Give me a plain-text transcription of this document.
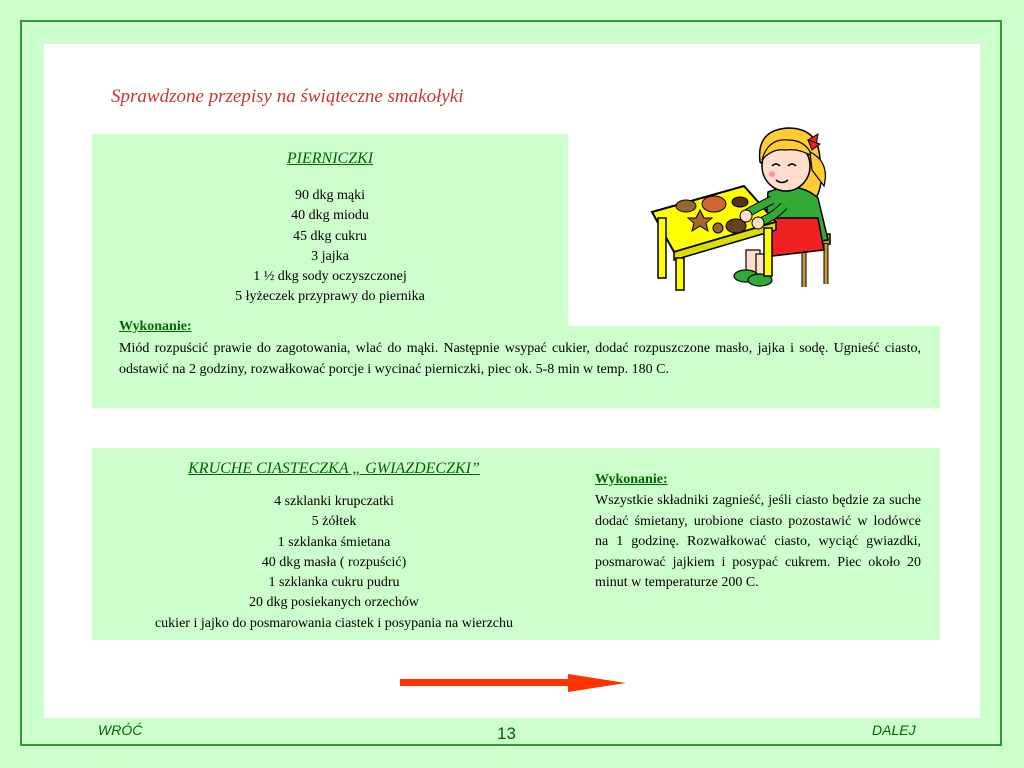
Sprawdzone przepisy na świąteczne smakołyki
PIERNICZKI
90 dkg mąki
40 dkg miodu
45 dkg cukru
3 jajka
1 ½ dkg sody oczyszczonej
5 łyżeczek przyprawy do piernika
Wykonanie:
Miód rozpuścić prawie do zagotowania, wlać do mąki. Następnie wsypać cukier, dodać rozpuszczone masło, jajka i sodę. Ugnieść ciasto, odstawić na 2 godziny, rozwałkować porcje i wycinać pierniczki, piec ok. 5-8 min w temp. 180 C.
KRUCHE CIASTECZKA „ GWIAZDECZKI”
4 szklanki krupczatki
5 żółtek
1 szklanka śmietana
40 dkg masła ( rozpuścić)
1 szklanka cukru pudru
20 dkg posiekanych orzechów
cukier i jajko do posmarowania ciastek i posypania na wierzchu
Wykonanie:
Wszystkie składniki zagnieść, jeśli ciasto będzie za suche dodać śmietany, urobione ciasto pozostawić w lodówce na 1 godzinę. Rozwałkować ciasto, wyciąć gwiazdki, posmarować jajkiem i posypać cukrem. Piec około 20 minut w temperaturze 200 C.
WRÓĆ	13	DALEJ
